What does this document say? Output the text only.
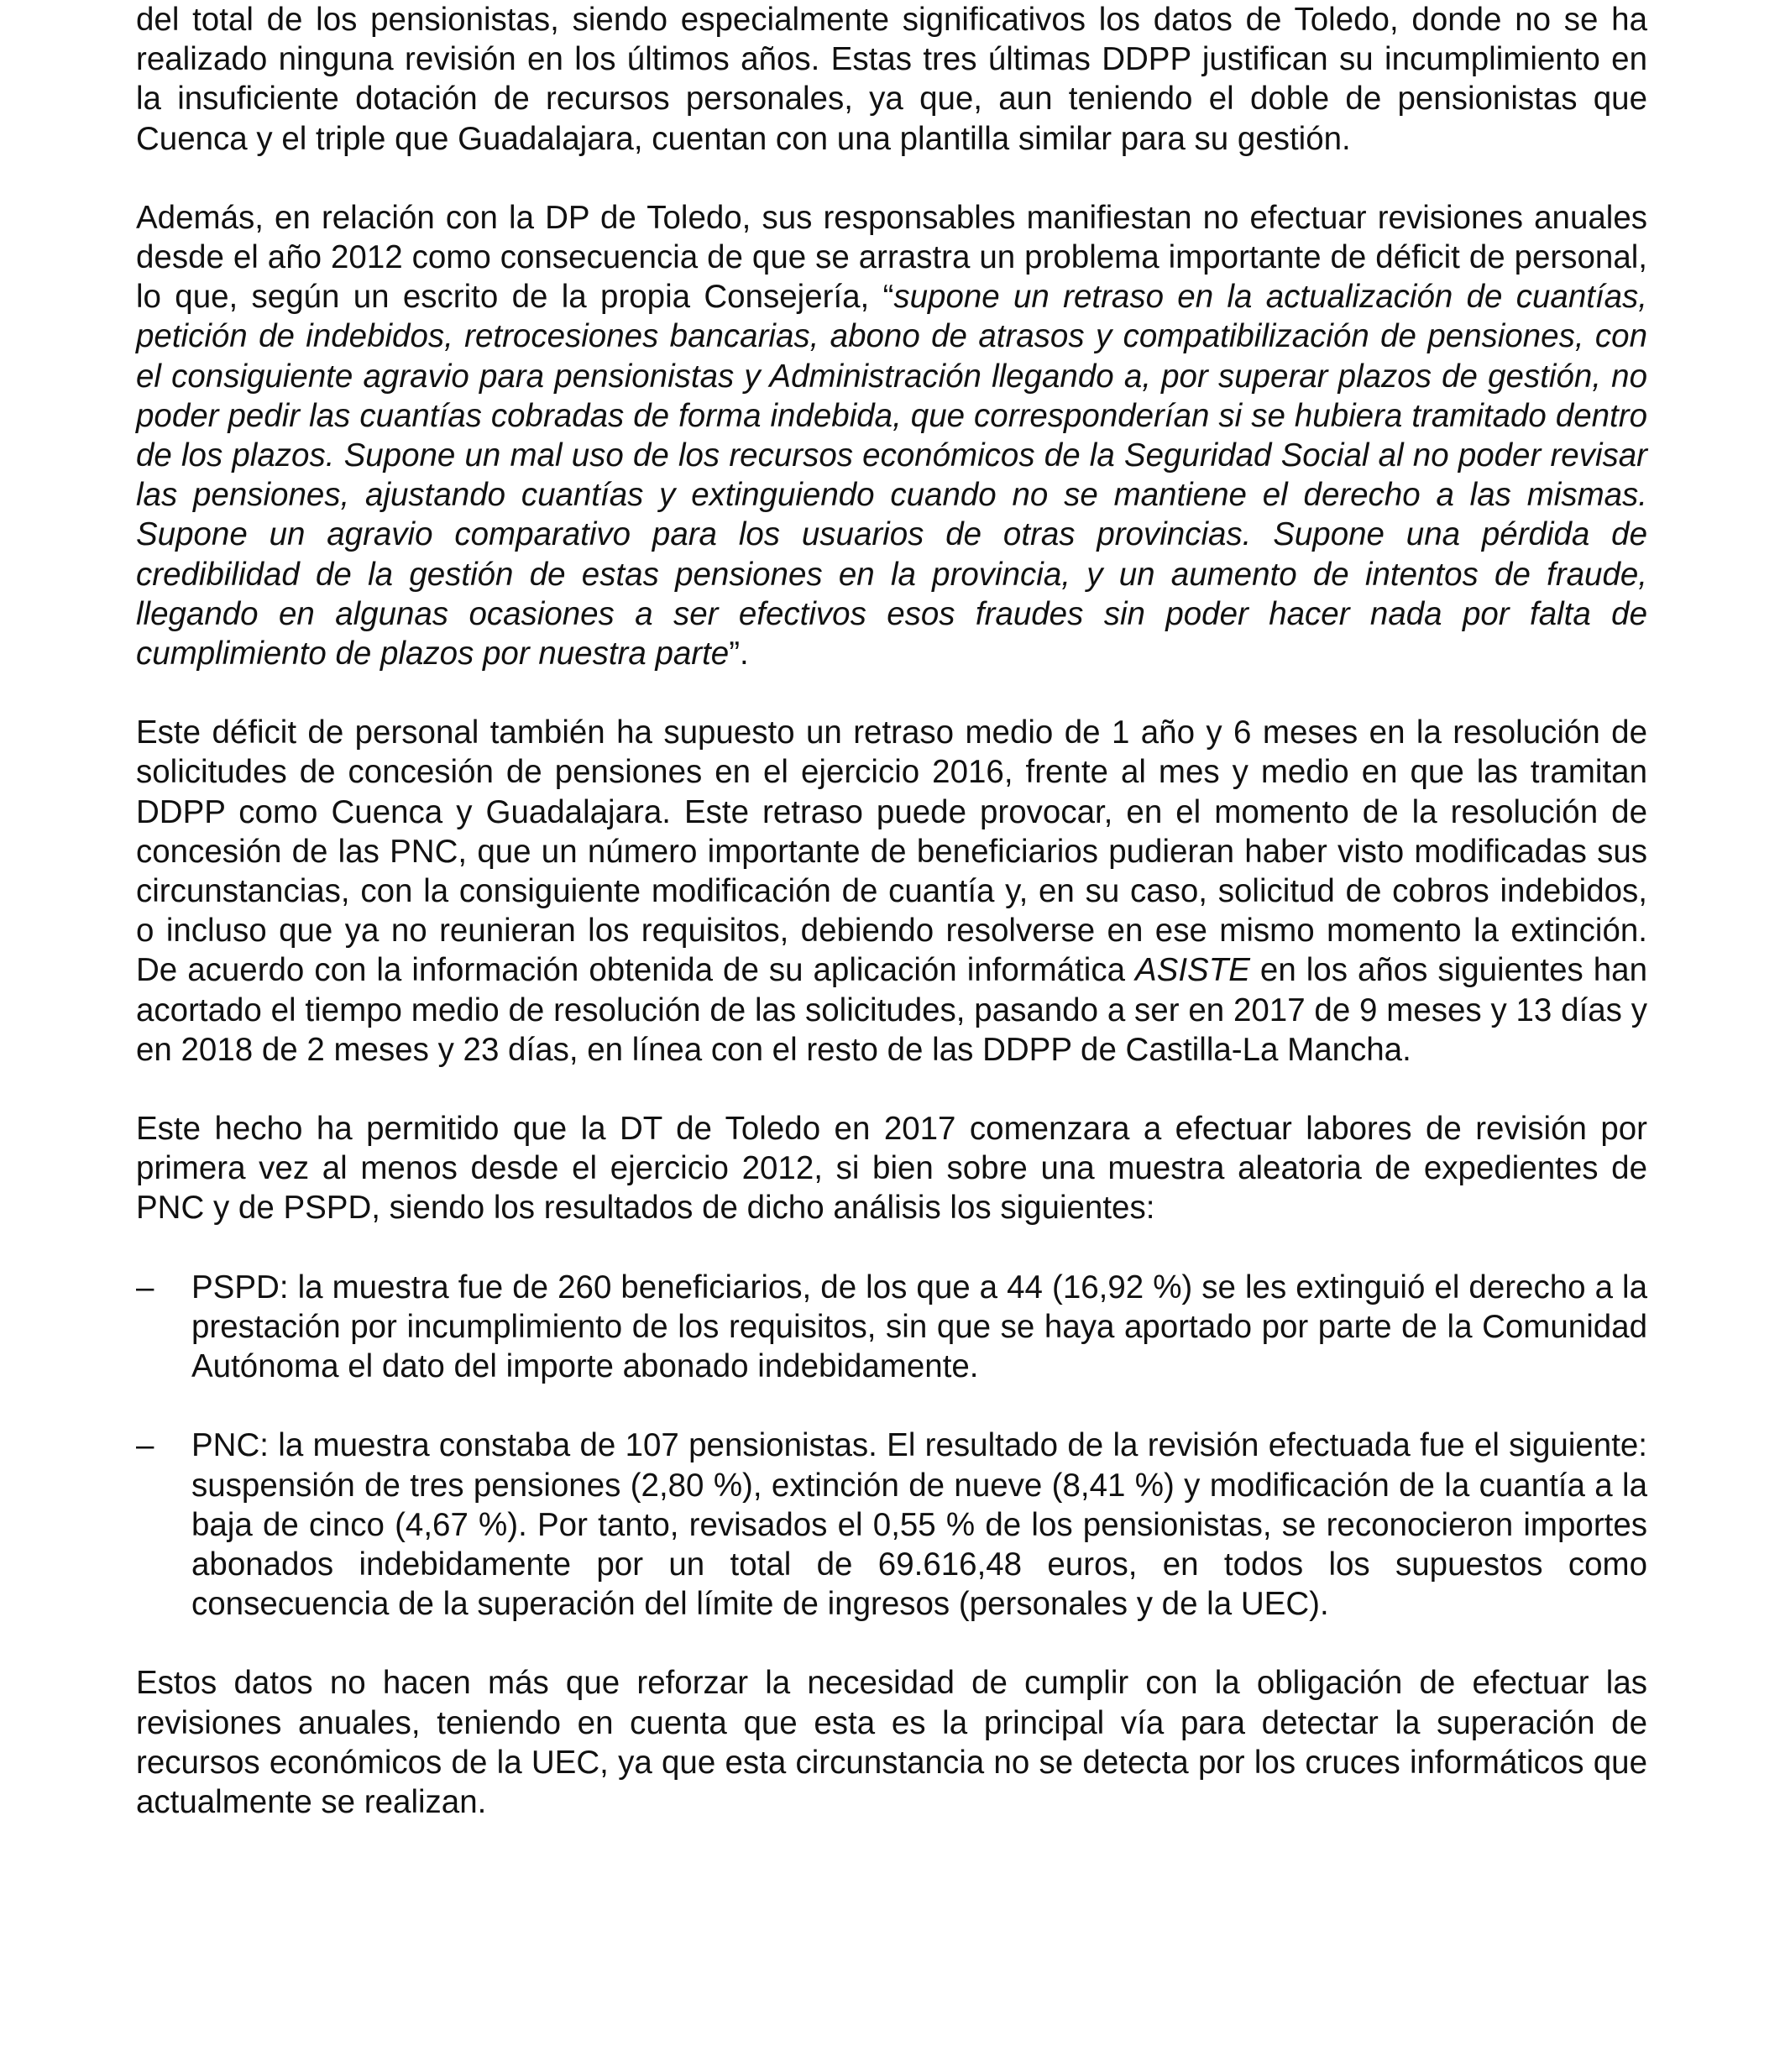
del total de los pensionistas, siendo especialmente significativos los datos de Toledo, donde no se ha realizado ninguna revisión en los últimos años. Estas tres últimas DDPP justifican su incumplimiento en la insuficiente dotación de recursos personales, ya que, aun teniendo el doble de pensionistas que Cuenca y el triple que Guadalajara, cuentan con una plantilla similar para su gestión.

Además, en relación con la DP de Toledo, sus responsables manifiestan no efectuar revisiones anuales desde el año 2012 como consecuencia de que se arrastra un problema importante de déficit de personal, lo que, según un escrito de la propia Consejería, “supone un retraso en la actualización de cuantías, petición de indebidos, retrocesiones bancarias, abono de atrasos y compatibilización de pensiones, con el consiguiente agravio para pensionistas y Administración llegando a, por superar plazos de gestión, no poder pedir las cuantías cobradas de forma indebida, que corresponderían si se hubiera tramitado dentro de los plazos. Supone un mal uso de los recursos económicos de la Seguridad Social al no poder revisar las pensiones, ajustando cuantías y extinguiendo cuando no se mantiene el derecho a las mismas. Supone un agravio comparativo para los usuarios de otras provincias. Supone una pérdida de credibilidad de la gestión de estas pensiones en la provincia, y un aumento de intentos de fraude, llegando en algunas ocasiones a ser efectivos esos fraudes sin poder hacer nada por falta de cumplimiento de plazos por nuestra parte”.

Este déficit de personal también ha supuesto un retraso medio de 1 año y 6 meses en la resolución de solicitudes de concesión de pensiones en el ejercicio 2016, frente al mes y medio en que las tramitan DDPP como Cuenca y Guadalajara. Este retraso puede provocar, en el momento de la resolución de concesión de las PNC, que un número importante de beneficiarios pudieran haber visto modificadas sus circunstancias, con la consiguiente modificación de cuantía y, en su caso, solicitud de cobros indebidos, o incluso que ya no reunieran los requisitos, debiendo resolverse en ese mismo momento la extinción. De acuerdo con la información obtenida de su aplicación informática ASISTE en los años siguientes han acortado el tiempo medio de resolución de las solicitudes, pasando a ser en 2017 de 9 meses y 13 días y en 2018 de 2 meses y 23 días, en línea con el resto de las DDPP de Castilla-La Mancha.

Este hecho ha permitido que la DT de Toledo en 2017 comenzara a efectuar labores de revisión por primera vez al menos desde el ejercicio 2012, si bien sobre una muestra aleatoria de expedientes de PNC y de PSPD, siendo los resultados de dicho análisis los siguientes:

–	PSPD: la muestra fue de 260 beneficiarios, de los que a 44 (16,92 %) se les extinguió el derecho a la prestación por incumplimiento de los requisitos, sin que se haya aportado por parte de la Comunidad Autónoma el dato del importe abonado indebidamente.
–	PNC: la muestra constaba de 107 pensionistas. El resultado de la revisión efectuada fue el siguiente: suspensión de tres pensiones (2,80 %), extinción de nueve (8,41 %) y modificación de la cuantía a la baja de cinco (4,67 %). Por tanto, revisados el 0,55 % de los pensionistas, se reconocieron importes abonados indebidamente por un total de 69.616,48 euros, en todos los supuestos como consecuencia de la superación del límite de ingresos (personales y de la UEC).

Estos datos no hacen más que reforzar la necesidad de cumplir con la obligación de efectuar las revisiones anuales, teniendo en cuenta que esta es la principal vía para detectar la superación de recursos económicos de la UEC, ya que esta circunstancia no se detecta por los cruces informáticos que actualmente se realizan.
